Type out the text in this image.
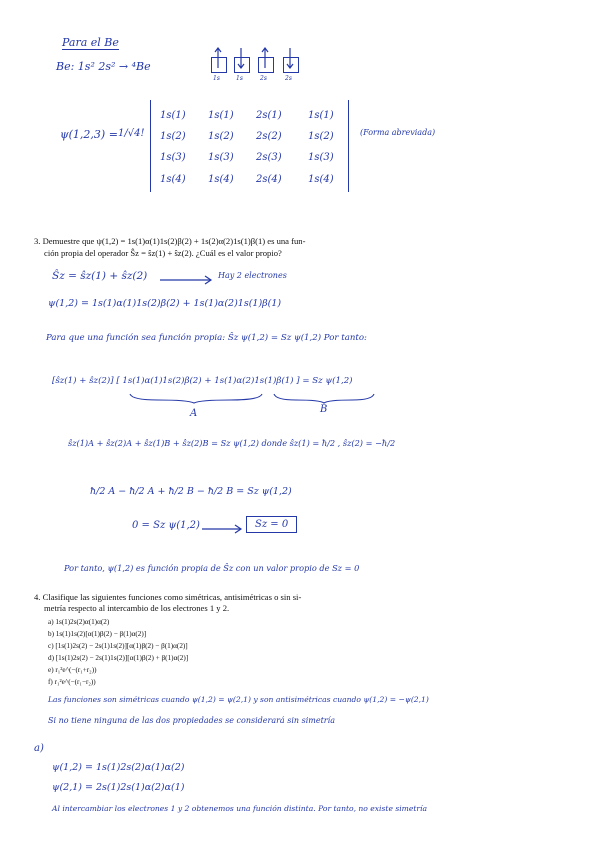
Para el Be
Be: 1s² 2s² → ⁴Be
1s	1s	2s	2s
ψ(1,2,3) = 1/√4!
1s(1) 1s(1) 2s(1)	1s(1)
1s(2) 1s(2) 2s(2)	1s(2)
1s(3) 1s(3) 2s(3)	1s(3)
1s(4) 1s(4) 2s(4)	1s(4)
(Forma abreviada)
3. Demuestre que ψ(1,2) = 1s(1)α(1)1s(2)β(2) + 1s(2)α(2)1s(1)β(1) es una fun-
ción propia del operador Ŝz = ŝz(1) + ŝz(2). ¿Cuál es el valor propio?
Ŝz = ŝz(1) + ŝz(2)	Hay 2 electrones
ψ(1,2) = 1s(1)α(1)1s(2)β(2) + 1s(1)α(2)1s(1)β(1)
Para que una función sea función propia: Ŝz ψ(1,2) = Sz ψ(1,2) Por tanto:
[ŝz(1) + ŝz(2)] [ 1s(1)α(1)1s(2)β(2) + 1s(1)α(2)1s(1)β(1) ] = Sz ψ(1,2)
A	B
ŝz(1)A + ŝz(2)A + ŝz(1)B + ŝz(2)B = Sz ψ(1,2) donde ŝz(1) = ħ/2 , ŝz(2) = −ħ/2
ħ/2 A − ħ/2 A + ħ/2 B − ħ/2 B = Sz ψ(1,2)
0 = Sz ψ(1,2)	Sz = 0
Por tanto, ψ(1,2) es función propia de Ŝz con un valor propio de Sz = 0
4. Clasifique las siguientes funciones como simétricas, antisimétricas o sin si-
metría respecto al intercambio de los electrones 1 y 2.
a) 1s(1)2s(2)α(1)α(2)
b) 1s(1)1s(2)[α(1)β(2) − β(1)α(2)]
c) [1s(1)2s(2) − 2s(1)1s(2)][α(1)β(2) − β(1)α(2)]
d) [1s(1)2s(2) − 2s(1)1s(2)][α(1)β(2) + β(1)α(2)]
e) r₁²e^(−(r₁+r₂))
f) r₁²e^(−(r₁−r₂))
Las funciones son simétricas cuando ψ(1,2) = ψ(2,1) y son antisimétricas cuando ψ(1,2) = −ψ(2,1)
Si no tiene ninguna de las dos propiedades se considerará sin simetría
a)
ψ(1,2) = 1s(1)2s(2)α(1)α(2)
ψ(2,1) = 2s(1)2s(1)α(2)α(1)
Al intercambiar los electrones 1 y 2 obtenemos una función distinta. Por tanto, no existe simetría
